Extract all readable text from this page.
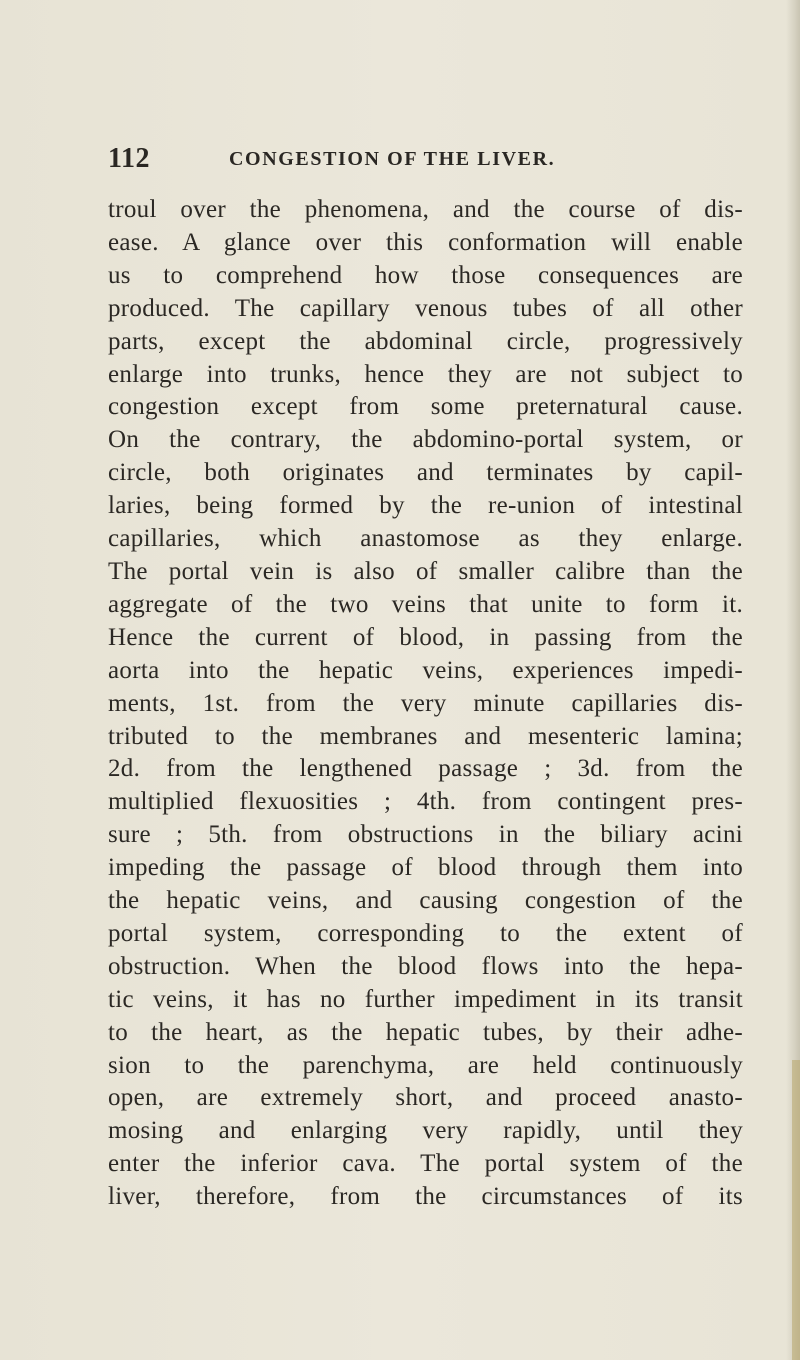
112	CONGESTION OF THE LIVER.
troul over the phenomena, and the course of dis-
ease. A glance over this conformation will enable
us to comprehend how those consequences are
produced. The capillary venous tubes of all other
parts, except the abdominal circle, progressively
enlarge into trunks, hence they are not subject to
congestion except from some preternatural cause.
On the contrary, the abdomino-portal system, or
circle, both originates and terminates by capil-
laries, being formed by the re-union of intestinal
capillaries, which anastomose as they enlarge.
The portal vein is also of smaller calibre than the
aggregate of the two veins that unite to form it.
Hence the current of blood, in passing from the
aorta into the hepatic veins, experiences impedi-
ments, 1st. from the very minute capillaries dis-
tributed to the membranes and mesenteric lamina;
2d. from the lengthened passage ; 3d. from the
multiplied flexuosities ; 4th. from contingent pres-
sure ; 5th. from obstructions in the biliary acini
impeding the passage of blood through them into
the hepatic veins, and causing congestion of the
portal system, corresponding to the extent of
obstruction. When the blood flows into the hepa-
tic veins, it has no further impediment in its transit
to the heart, as the hepatic tubes, by their adhe-
sion to the parenchyma, are held continuously
open, are extremely short, and proceed anasto-
mosing and enlarging very rapidly, until they
enter the inferior cava. The portal system of the
liver, therefore, from the circumstances of its
